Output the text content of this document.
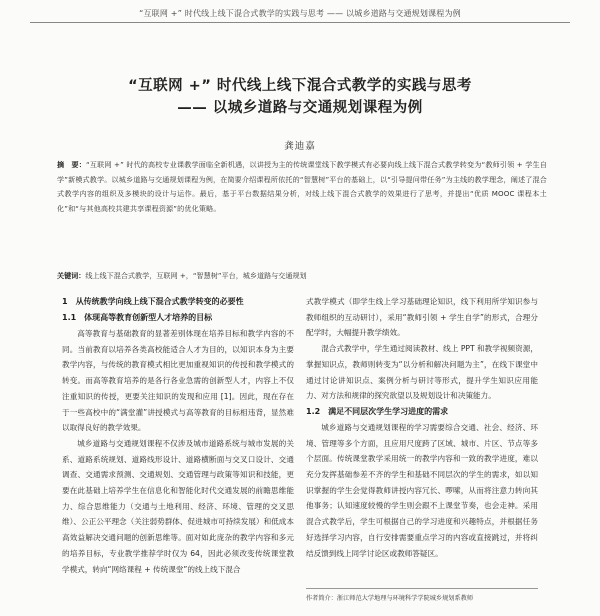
“互联网 +” 时代线上线下混合式教学的实践与思考 —— 以城乡道路与交通规划课程为例
“互联网 +” 时代线上线下混合式教学的实践与思考
—— 以城乡道路与交通规划课程为例
龚迪嘉
摘　要：“互联网 +” 时代的高校专业课教学面临全新机遇，以讲授为主的传统课堂线下教学模式有必要向线上线下混合式教学转变为“教师引领 + 学生自学”新模式教学。以城乡道路与交通规划课程为例，在简要介绍课程所依托的“智慧树”平台的基础上，以“引导提问带任务”为主线的教学理念，阐述了混合式教学内容的组织及多模块的设计与运作。最后，基于平台数据结果分析，对线上线下混合式教学的效果进行了思考，并提出“优质 MOOC 课程本土化”和“与其他高校共建共享课程资源”的优化策略。
关键词：线上线下混合式教学，互联网 +，“智慧树”平台，城乡道路与交通规划
1　从传统教学向线上线下混合式教学转变的必要性
1.1　体现高等教育创新型人才培养的目标

高等教育与基础教育的显著差别体现在培养目标和教学内容的不同。当前教育以培养各类高校能适合人才为目的，以知识本身为主要教学内容，与传统的教育模式相比更加重视知识的传授和教学模式的转变。而高等教育培养的是各行各业急需的创新型人才，内容上不仅注重知识的传授，更要关注知识的发现和应用 [1]。因此，现在存在于一些高校中的“满堂灌”讲授模式与高等教育的目标相违背，显然难以取得良好的教学效果。

城乡道路与交通规划课程不仅涉及城市道路系统与城市发展的关系、道路系统规划、道路线形设计、道路横断面与交叉口设计、交通调查、交通需求预测、交通规划、交通管理与政策等知识和技能，更要在此基础上培养学生在信息化和智能化时代交通发展的前瞻思维能力、综合思维能力（交通与土地利用、经济、环境、管理的交叉思维）、公正公平理念（关注弱势群体、促进城市可持续发展）和低成本高效益解决交通问题的创新思维等。面对如此庞杂的教学内容和多元的培养目标，专业教学推荐学时仅为 64，因此必须改变传统课堂教学模式，转向“网络课程 + 传统课堂”的线上线下混合

式教学模式（即学生线上学习基础理论知识，线下利用所学知识参与教师组织的互动研讨），采用“教师引领 + 学生自学”的形式，合理分配学时，大幅提升教学绩效。

混合式教学中，学生通过阅读教材、线上 PPT 和教学视频资源，掌握知识点，教师则转变为“以分析和解决问题为主”，在线下课堂中通过讨论讲知识点、案例分析与研讨等形式，提升学生知识应用能力、对方法和规律的探究欲望以及规划设计和决策能力。

1.2　满足不同层次学生学习进度的需求

城乡道路与交通规划课程的学习需要综合交通、社会、经济、环境、管理等多个方面，且应用尺度跨了区域、城市、片区、节点等多个层面。传统课堂教学采用统一的教学内容和一致的教学进度，难以充分发挥基础参差不齐的学生和基础不同层次的学生的需求，如以知识掌握的学生会觉得教师讲授内容冗长、啰嗦，从而将注意力转向其他事务；认知速度较慢的学生则会跟不上课堂节奏，也会走神。采用混合式教学后，学生可根据自己的学习进度和兴趣特点，并根据任务好选择学习内容，自行安排需要重点学习的内容或直接跳过，并将纠结反馈到线上同学讨论区或教师答疑区。

作者简介：浙江师范大学地理与环境科学学院城乡规划系教师
